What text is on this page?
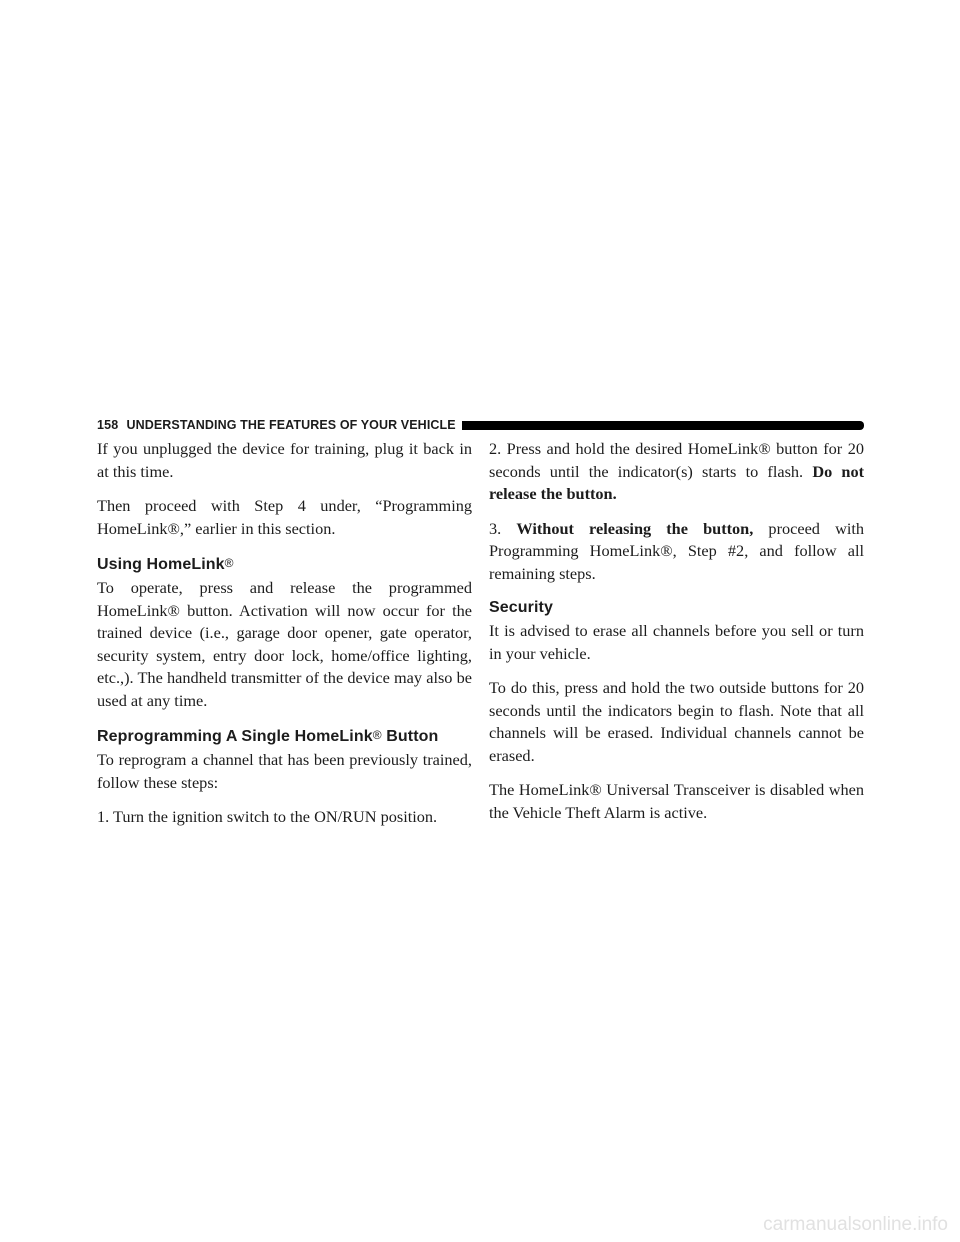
158 UNDERSTANDING THE FEATURES OF YOUR VEHICLE

If you unplugged the device for training, plug it back in at this time.

Then proceed with Step 4 under, “Programming HomeLink®,” earlier in this section.

Using HomeLink®

To operate, press and release the programmed HomeLink® button. Activation will now occur for the trained device (i.e., garage door opener, gate operator, security system, entry door lock, home/office lighting, etc.,). The handheld transmitter of the device may also be used at any time.

Reprogramming A Single HomeLink® Button

To reprogram a channel that has been previously trained, follow these steps:

1. Turn the ignition switch to the ON/RUN position.

2. Press and hold the desired HomeLink® button for 20 seconds until the indicator(s) starts to flash. Do not release the button.

3. Without releasing the button, proceed with Programming HomeLink®, Step #2, and follow all remaining steps.

Security

It is advised to erase all channels before you sell or turn in your vehicle.

To do this, press and hold the two outside buttons for 20 seconds until the indicators begin to flash. Note that all channels will be erased. Individual channels cannot be erased.

The HomeLink® Universal Transceiver is disabled when the Vehicle Theft Alarm is active.

carmanualsonline.info
